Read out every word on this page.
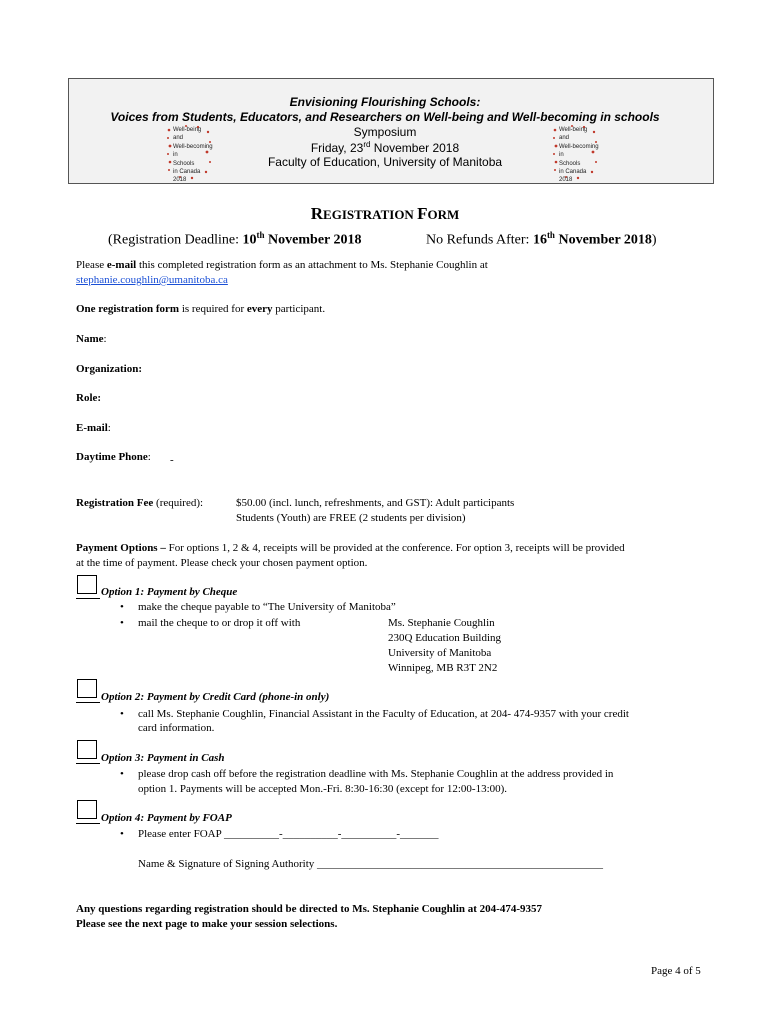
Envisioning Flourishing Schools:
Voices from Students, Educators, and Researchers on Well-being and Well-becoming in schools
Symposium
Friday, 23rd November 2018
Faculty of Education, University of Manitoba
Well-being
and
Well-becoming
in
Schools
in Canada
2018
Well-being
and
Well-becoming
in
Schools
in Canada
2018
REGISTRATION FORM
(Registration Deadline: 10th November 2018	No Refunds After: 16th November 2018)
Please e-mail this completed registration form as an attachment to Ms. Stephanie Coughlin at
stephanie.coughlin@umanitoba.ca
One registration form is required for every participant.
Name:
Organization:
Role:
E-mail:
Daytime Phone: -
Registration Fee (required):	$50.00 (incl. lunch, refreshments, and GST): Adult participants
Students (Youth) are FREE (2 students per division)
Payment Options – For options 1, 2 & 4, receipts will be provided at the conference. For option 3, receipts will be provided
at the time of payment. Please check your chosen payment option.
Option 1: Payment by Cheque
• make the cheque payable to “The University of Manitoba”
• mail the cheque to or drop it off with	Ms. Stephanie Coughlin
230Q Education Building
University of Manitoba
Winnipeg, MB R3T 2N2
Option 2: Payment by Credit Card (phone-in only)
• call Ms. Stephanie Coughlin, Financial Assistant in the Faculty of Education, at 204- 474-9357 with your credit
card information.
Option 3: Payment in Cash
• please drop cash off before the registration deadline with Ms. Stephanie Coughlin at the address provided in
option 1. Payments will be accepted Mon.-Fri. 8:30-16:30 (except for 12:00-13:00).
Option 4: Payment by FOAP
• Please enter FOAP __________-__________-__________-_______
Name & Signature of Signing Authority ____________________________________________________
Any questions regarding registration should be directed to Ms. Stephanie Coughlin at 204-474-9357
Please see the next page to make your session selections.
Page 4 of 5
